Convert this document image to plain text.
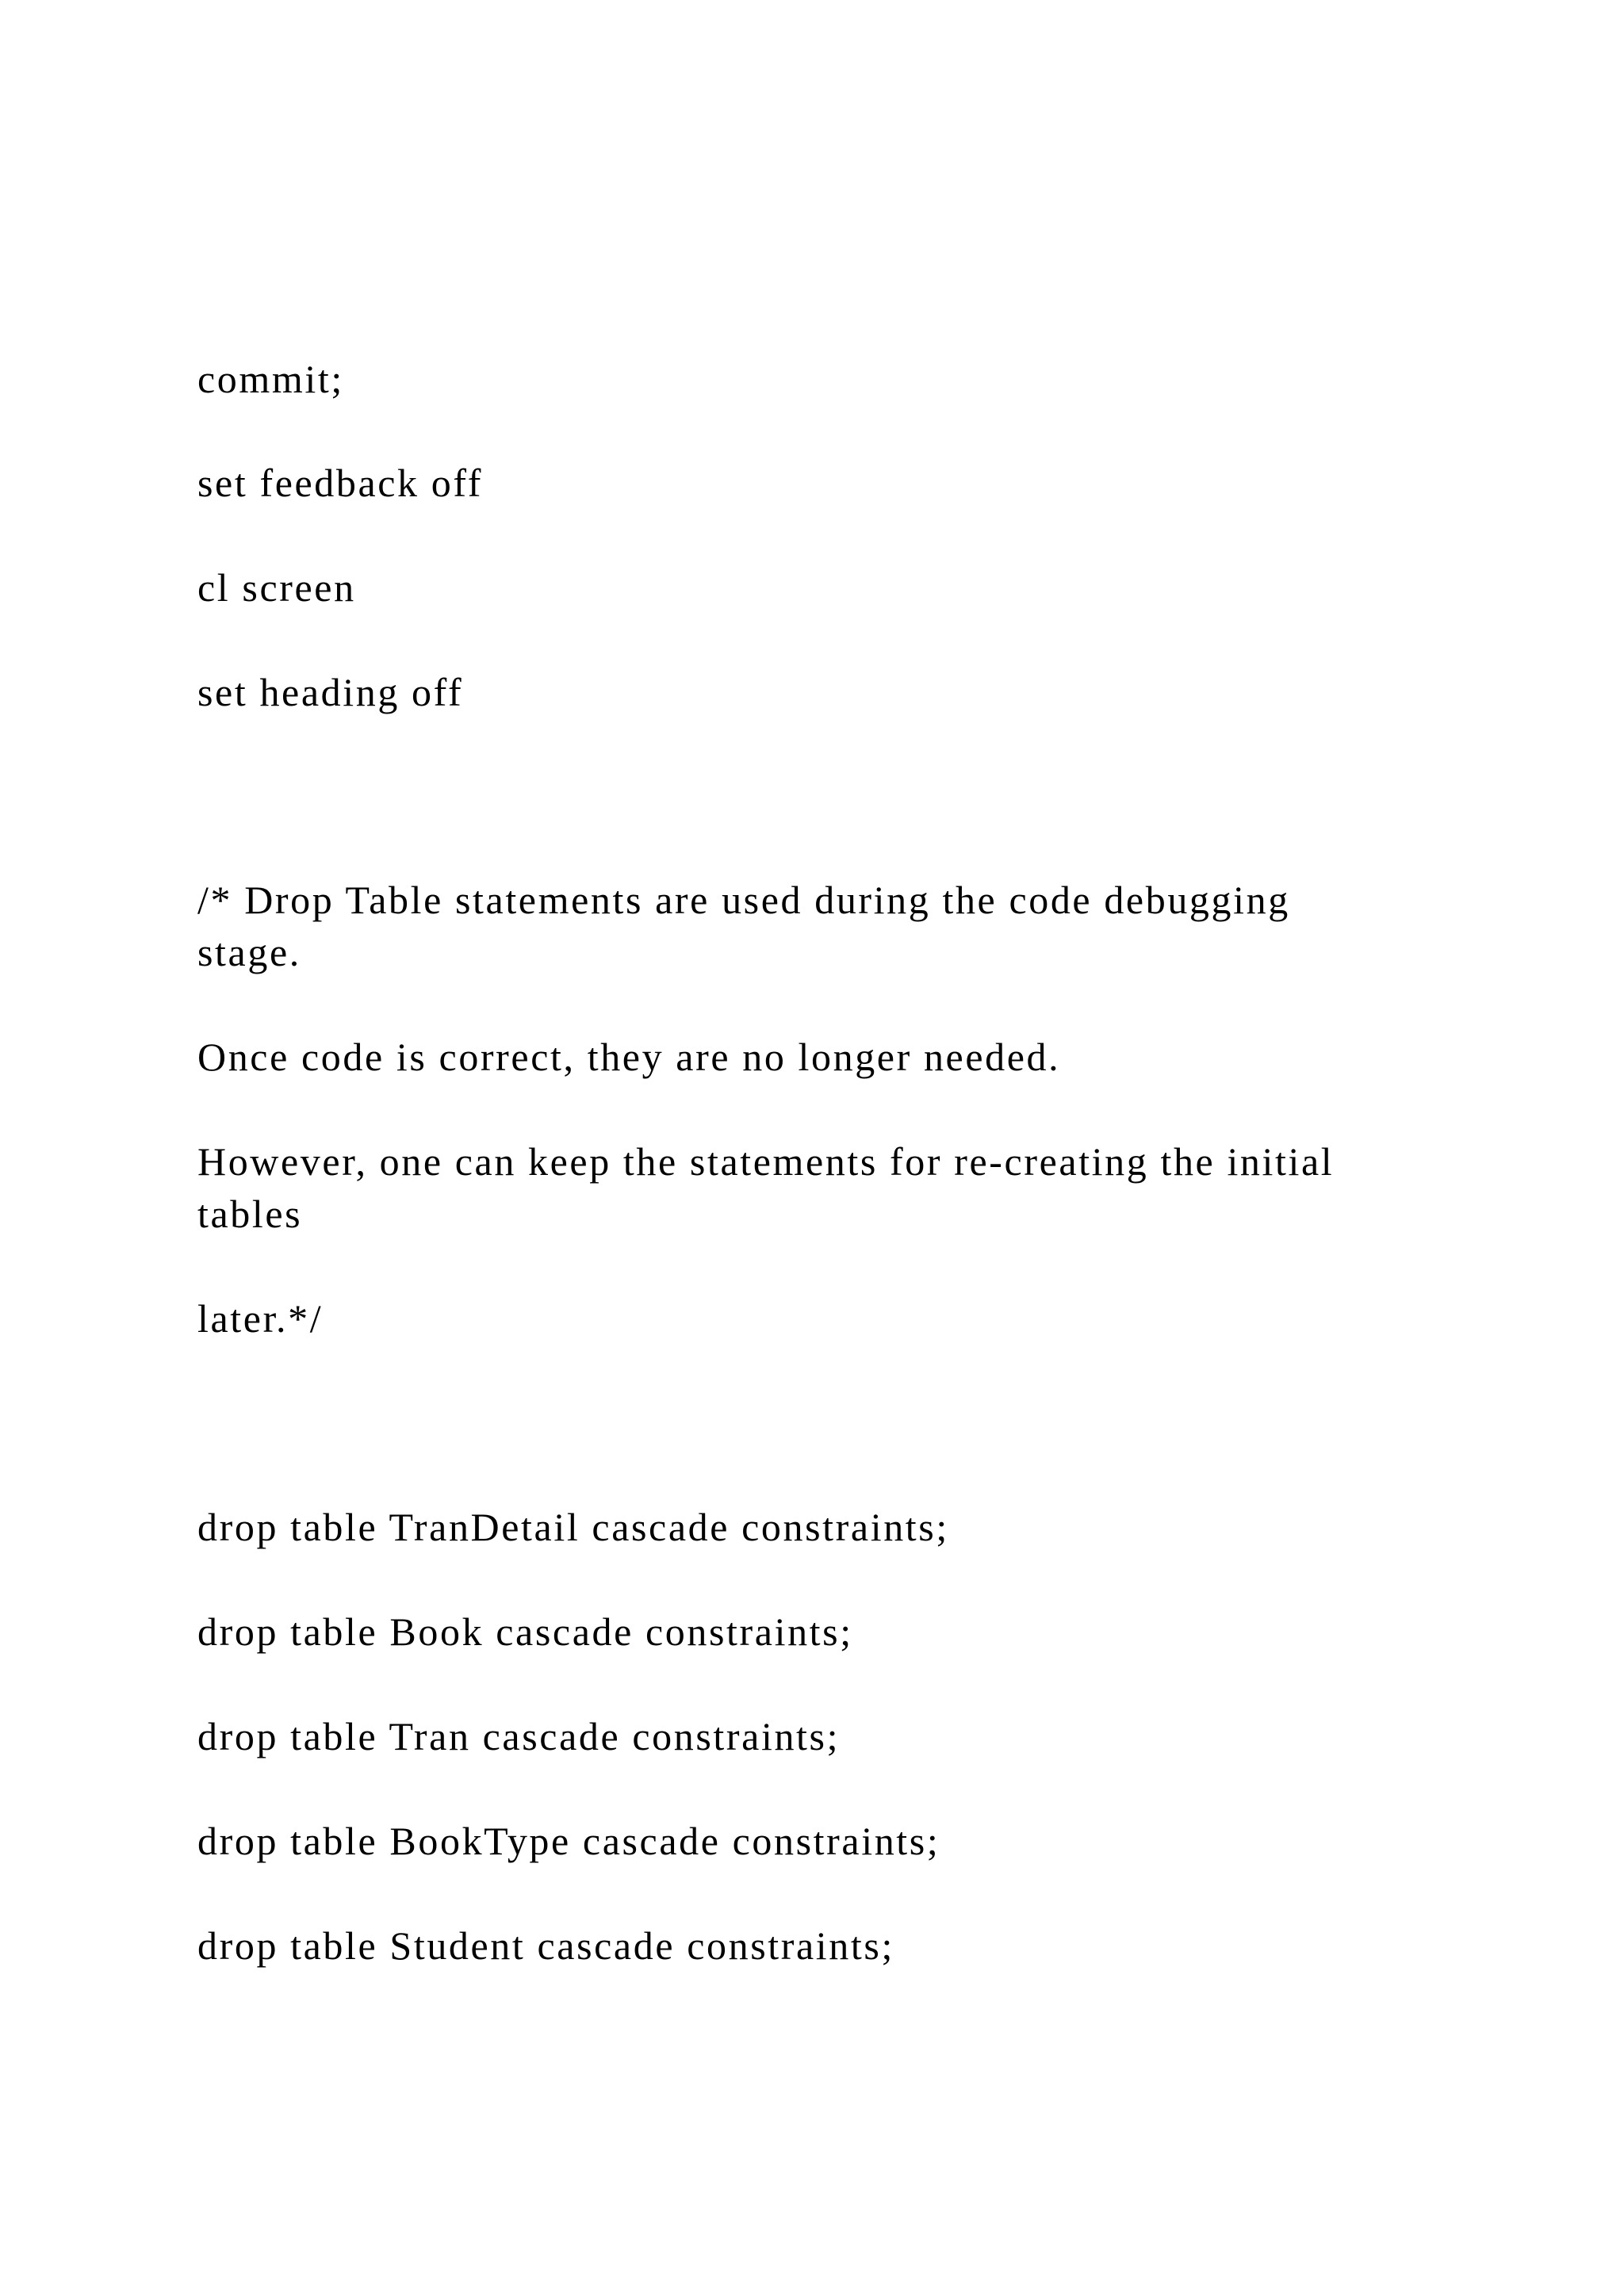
commit;

set feedback off

cl screen

set heading off

/* Drop Table statements are used during the code debugging

stage.

Once code is correct, they are no longer needed.

However, one can keep the statements for re-creating the initial

tables

later.*/

drop table TranDetail cascade constraints;

drop table Book cascade constraints;

drop table Tran cascade constraints;

drop table BookType cascade constraints;

drop table Student cascade constraints;
